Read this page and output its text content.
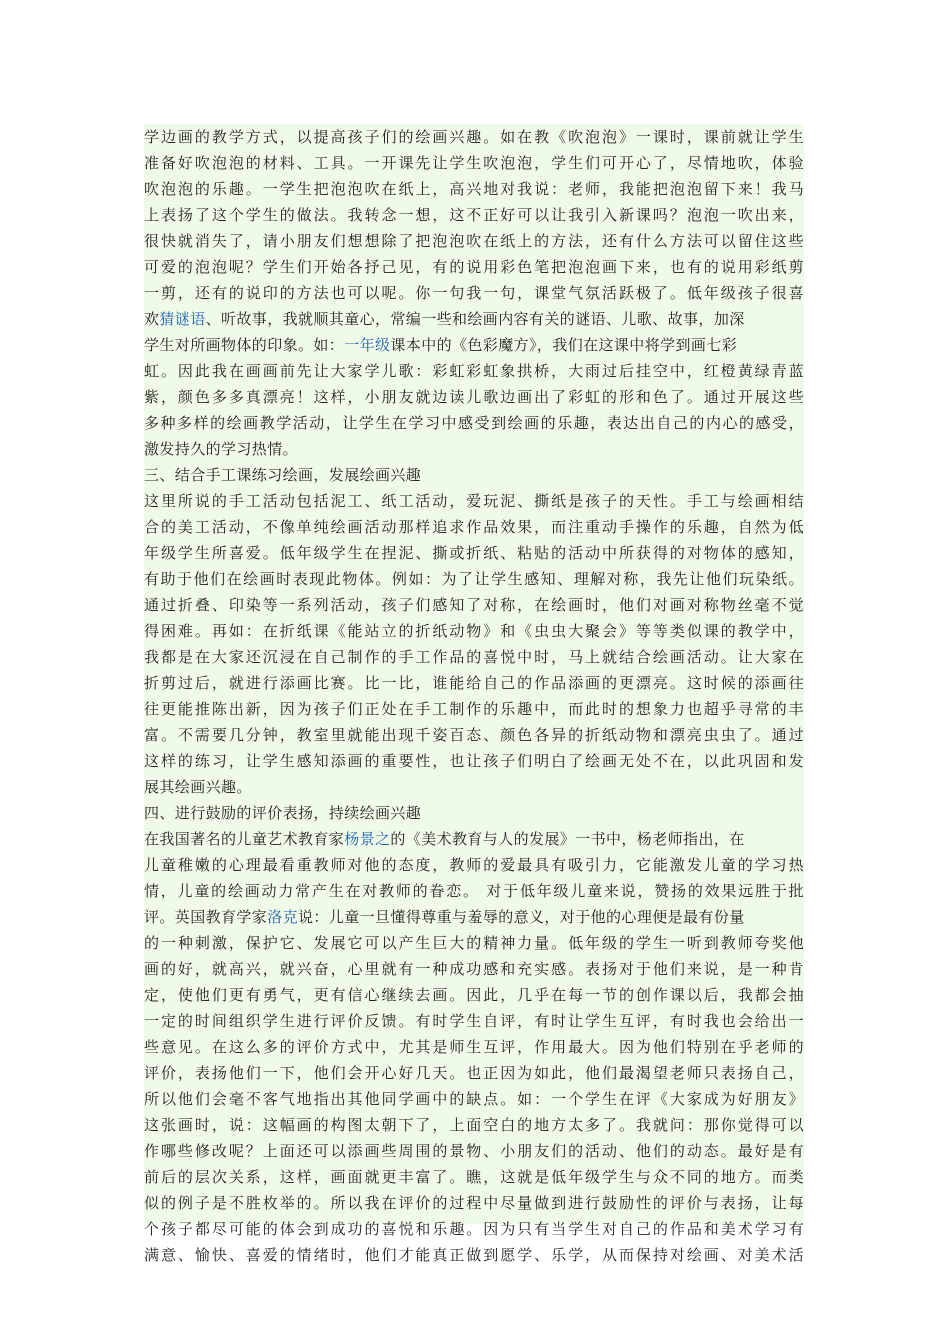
学边画的教学方式，以提高孩子们的绘画兴趣。如在教《吹泡泡》一课时，课前就让学生
准备好吹泡泡的材料、工具。一开课先让学生吹泡泡，学生们可开心了，尽情地吹，体验
吹泡泡的乐趣。一学生把泡泡吹在纸上，高兴地对我说：老师，我能把泡泡留下来！我马
上表扬了这个学生的做法。我转念一想，这不正好可以让我引入新课吗？泡泡一吹出来，
很快就消失了，请小朋友们想想除了把泡泡吹在纸上的方法，还有什么方法可以留住这些
可爱的泡泡呢？学生们开始各抒己见，有的说用彩色笔把泡泡画下来，也有的说用彩纸剪
一剪，还有的说印的方法也可以呢。你一句我一句，课堂气氛活跃极了。低年级孩子很喜
欢猜谜语、听故事，我就顺其童心，常编一些和绘画内容有关的谜语、儿歌、故事，加深
学生对所画物体的印象。如：一年级课本中的《色彩魔方》，我们在这课中将学到画七彩
虹。因此我在画画前先让大家学儿歌：彩虹彩虹象拱桥，大雨过后挂空中，红橙黄绿青蓝
紫，颜色多多真漂亮！这样，小朋友就边读儿歌边画出了彩虹的形和色了。通过开展这些
多种多样的绘画教学活动，让学生在学习中感受到绘画的乐趣，表达出自己的内心的感受，
激发持久的学习热情。
三、结合手工课练习绘画，发展绘画兴趣
这里所说的手工活动包括泥工、纸工活动，爱玩泥、撕纸是孩子的天性。手工与绘画相结
合的美工活动，不像单纯绘画活动那样追求作品效果，而注重动手操作的乐趣，自然为低
年级学生所喜爱。低年级学生在捏泥、撕或折纸、粘贴的活动中所获得的对物体的感知，
有助于他们在绘画时表现此物体。例如：为了让学生感知、理解对称，我先让他们玩染纸。
通过折叠、印染等一系列活动，孩子们感知了对称，在绘画时，他们对画对称物丝毫不觉
得困难。再如：在折纸课《能站立的折纸动物》和《虫虫大聚会》等等类似课的教学中，
我都是在大家还沉浸在自己制作的手工作品的喜悦中时，马上就结合绘画活动。让大家在
折剪过后，就进行添画比赛。比一比，谁能给自己的作品添画的更漂亮。这时候的添画往
往更能推陈出新，因为孩子们正处在手工制作的乐趣中，而此时的想象力也超乎寻常的丰
富。不需要几分钟，教室里就能出现千姿百态、颜色各异的折纸动物和漂亮虫虫了。通过
这样的练习，让学生感知添画的重要性，也让孩子们明白了绘画无处不在，以此巩固和发
展其绘画兴趣。
四、进行鼓励的评价表扬，持续绘画兴趣
在我国著名的儿童艺术教育家杨景之的《美术教育与人的发展》一书中，杨老师指出，在
儿童稚嫩的心理最看重教师对他的态度，教师的爱最具有吸引力，它能激发儿童的学习热
情，儿童的绘画动力常产生在对教师的眷恋。 对于低年级儿童来说，赞扬的效果远胜于批
评。英国教育学家洛克说：儿童一旦懂得尊重与羞辱的意义，对于他的心理便是最有份量
的一种刺激，保护它、发展它可以产生巨大的精神力量。低年级的学生一听到教师夸奖他
画的好，就高兴，就兴奋，心里就有一种成功感和充实感。表扬对于他们来说，是一种肯
定，使他们更有勇气，更有信心继续去画。因此，几乎在每一节的创作课以后，我都会抽
一定的时间组织学生进行评价反馈。有时学生自评，有时让学生互评，有时我也会给出一
些意见。在这么多的评价方式中，尤其是师生互评，作用最大。因为他们特别在乎老师的
评价，表扬他们一下，他们会开心好几天。也正因为如此，他们最渴望老师只表扬自己，
所以他们会毫不客气地指出其他同学画中的缺点。如：一个学生在评《大家成为好朋友》
这张画时，说：这幅画的构图太朝下了，上面空白的地方太多了。我就问：那你觉得可以
作哪些修改呢？上面还可以添画些周围的景物、小朋友们的活动、他们的动态。最好是有
前后的层次关系，这样，画面就更丰富了。瞧，这就是低年级学生与众不同的地方。而类
似的例子是不胜枚举的。所以我在评价的过程中尽量做到进行鼓励性的评价与表扬，让每
个孩子都尽可能的体会到成功的喜悦和乐趣。因为只有当学生对自己的作品和美术学习有
满意、愉快、喜爱的情绪时，他们才能真正做到愿学、乐学，从而保持对绘画、对美术活
